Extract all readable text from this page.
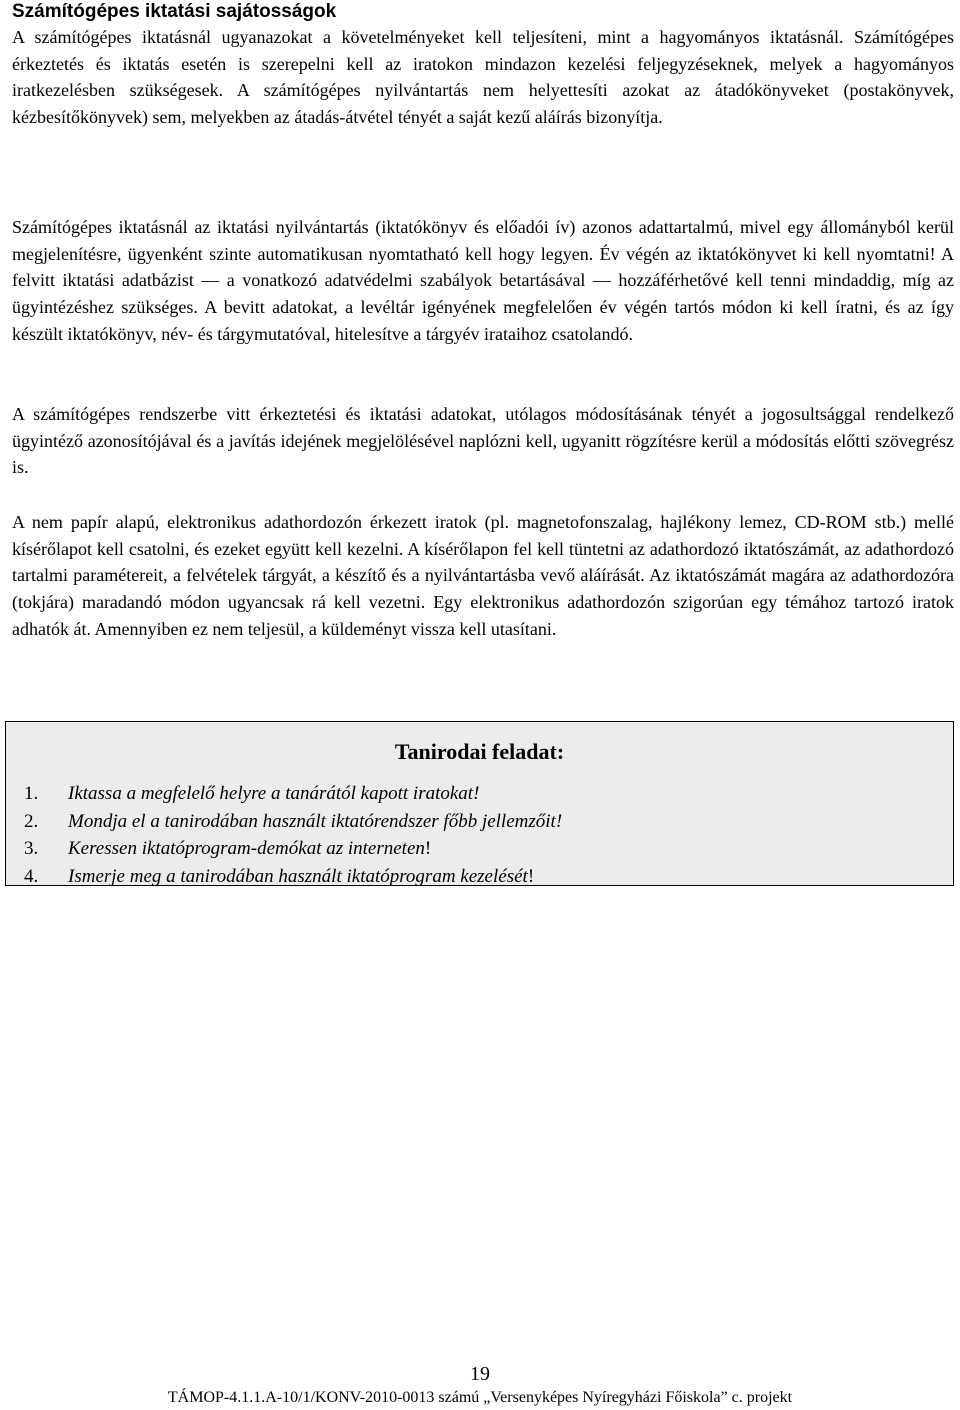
Számítógépes iktatási sajátosságok

A számítógépes iktatásnál ugyanazokat a követelményeket kell teljesíteni, mint a hagyományos iktatásnál. Számítógépes érkeztetés és iktatás esetén is szerepelni kell az iratokon mindazon kezelési feljegyzéseknek, melyek a hagyományos iratkezelésben szükségesek. A számítógépes nyilvántartás nem helyettesíti azokat az átadókönyveket (postakönyvek, kézbesítőkönyvek) sem, melyekben az átadás-átvétel tényét a saját kezű aláírás bizonyítja.

Számítógépes iktatásnál az iktatási nyilvántartás (iktatókönyv és előadói ív) azonos adattartalmú, mivel egy állományból kerül megjelenítésre, ügyenként szinte automatikusan nyomtatható kell hogy legyen. Év végén az iktatókönyvet ki kell nyomtatni! A felvitt iktatási adatbázist — a vonatkozó adatvédelmi szabályok betartásával — hozzáférhetővé kell tenni mindaddig, míg az ügyintézéshez szükséges. A bevitt adatokat, a levéltár igényének megfelelően év végén tartós módon ki kell íratni, és az így készült iktatókönyv, név- és tárgymutatóval, hitelesítve a tárgyév irataihoz csatolandó.

A számítógépes rendszerbe vitt érkeztetési és iktatási adatokat, utólagos módosításának tényét a jogosultsággal rendelkező ügyintéző azonosítójával és a javítás idejének megjelölésével naplózni kell, ugyanitt rögzítésre kerül a módosítás előtti szövegrész is.

A nem papír alapú, elektronikus adathordozón érkezett iratok (pl. magnetofonszalag, hajlékony lemez, CD-ROM stb.) mellé kísérőlapot kell csatolni, és ezeket együtt kell kezelni. A kísérőlapon fel kell tüntetni az adathordozó iktatószámát, az adathordozó tartalmi paramétereit, a felvételek tárgyát, a készítő és a nyilvántartásba vevő aláírását. Az iktatószámát magára az adathordozóra (tokjára) maradandó módon ugyancsak rá kell vezetni. Egy elektronikus adathordozón szigorúan egy témához tartozó iratok adhatók át. Amennyiben ez nem teljesül, a küldeményt vissza kell utasítani.

Tanirodai feladat:
1. Iktassa a megfelelő helyre a tanárától kapott iratokat!
2. Mondja el a tanirodában használt iktatórendszer főbb jellemzőit!
3. Keressen iktatóprogram-demókat az interneten!
4. Ismerje meg a tanirodában használt iktatóprogram kezelését!
19
TÁMOP-4.1.1.A-10/1/KONV-2010-0013 számú „Versenyképes Nyíregyházi Főiskola” c. projekt
